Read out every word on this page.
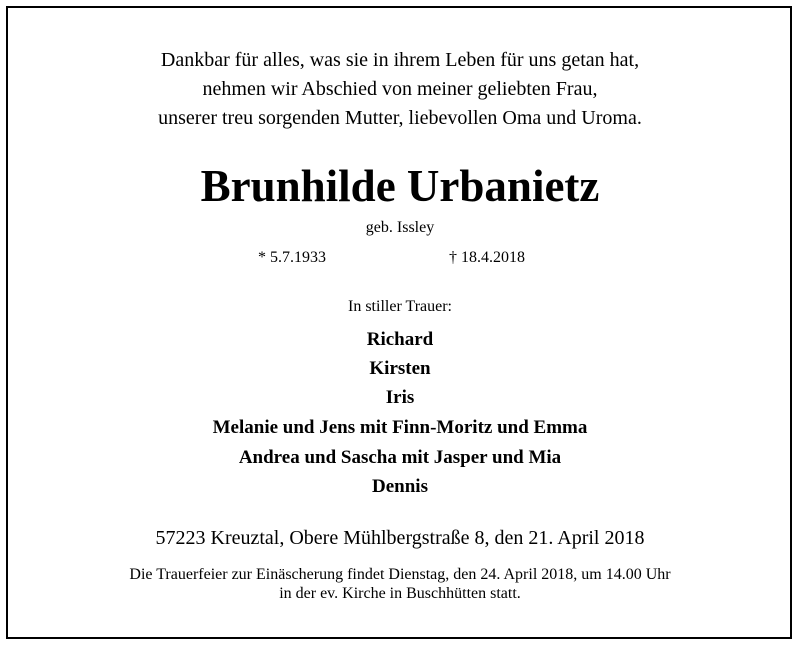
Dankbar für alles, was sie in ihrem Leben für uns getan hat,
nehmen wir Abschied von meiner geliebten Frau,
unserer treu sorgenden Mutter, liebevollen Oma und Uroma.
Brunhilde Urbanietz
geb. Issley
* 5.7.1933	† 18.4.2018
In stiller Trauer:
Richard
Kirsten
Iris
Melanie und Jens mit Finn-Moritz und Emma
Andrea und Sascha mit Jasper und Mia
Dennis
57223 Kreuztal, Obere Mühlbergstraße 8, den 21. April 2018
Die Trauerfeier zur Einäscherung findet Dienstag, den 24. April 2018, um 14.00 Uhr
in der ev. Kirche in Buschhütten statt.
